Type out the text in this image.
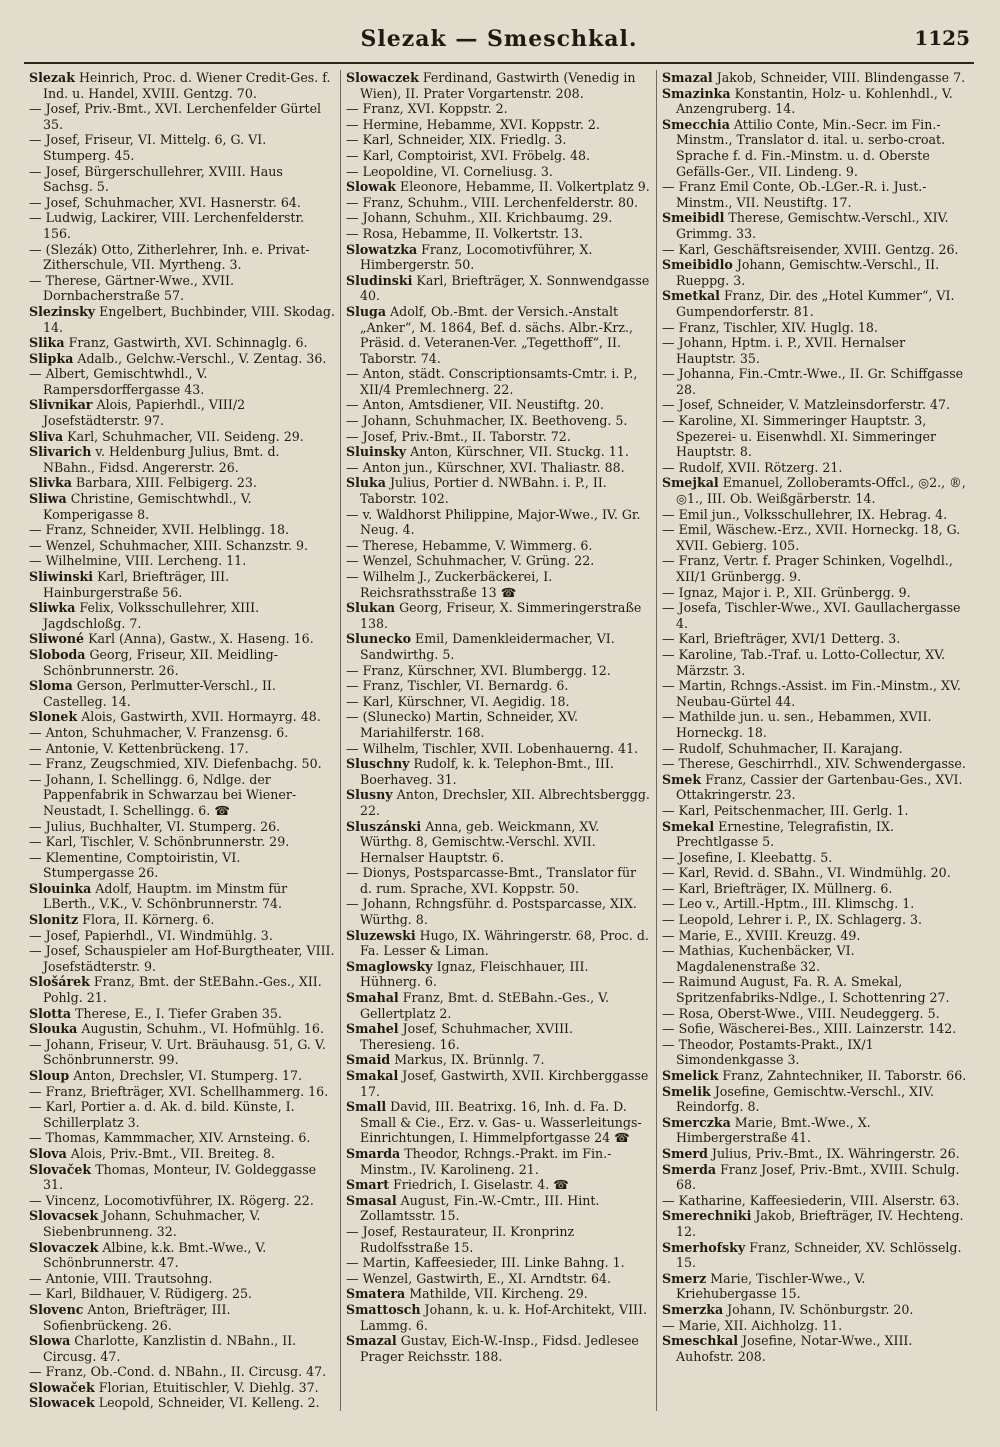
Slezak — Smeschkal.	1125

Slezak Heinrich, Proc. d. Wiener Credit-Ges. f. Ind. u. Handel, XVIII. Gentzg. 70.

— Josef, Priv.-Bmt., XVI. Lerchenfelder Gürtel 35.

— Josef, Friseur, VI. Mittelg. 6, G. VI. Stumperg. 45.

— Josef, Bürgerschullehrer, XVIII. Haus Sachsg. 5.

— Josef, Schuhmacher, XVI. Hasnerstr. 64.

— Ludwig, Lackirer, VIII. Lerchenfelderstr. 156.

— (Slezák) Otto, Zitherlehrer, Inh. e. Privat-Zitherschule, VII. Myrtheng. 3.

— Therese, Gärtner-Wwe., XVII. Dornbacherstraße 57.

Slezinsky Engelbert, Buchbinder, VIII. Skodag. 14.

Slika Franz, Gastwirth, XVI. Schinnaglg. 6.

Slipka Adalb., Gelchw.-Verschl., V. Zentag. 36.

— Albert, Gemischtwhdl., V. Rampersdorffergasse 43.

Slivnikar Alois, Papierhdl., VIII/2 Josefstädterstr. 97.

Sliva Karl, Schuhmacher, VII. Seideng. 29.

Slivarich v. Heldenburg Julius, Bmt. d. NBahn., Fidsd. Angererstr. 26.

Slivka Barbara, XIII. Felbigerg. 23.

Sliwa Christine, Gemischtwhdl., V. Komperigasse 8.

— Franz, Schneider, XVII. Helblingg. 18.

— Wenzel, Schuhmacher, XIII. Schanzstr. 9.

— Wilhelmine, VIII. Lercheng. 11.

Sliwinski Karl, Briefträger, III. Hainburgerstraße 56.

Sliwka Felix, Volksschullehrer, XIII. Jagdschloßg. 7.

Sliwoné Karl (Anna), Gastw., X. Haseng. 16.

Sloboda Georg, Friseur, XII. Meidling-Schönbrunnerstr. 26.

Sloma Gerson, Perlmutter-Verschl., II. Castelleg. 14.

Slonek Alois, Gastwirth, XVII. Hormayrg. 48.

— Anton, Schuhmacher, V. Franzensg. 6.

— Antonie, V. Kettenbrückeng. 17.

— Franz, Zeugschmied, XIV. Diefenbachg. 50.

— Johann, I. Schellingg. 6, Ndlge. der Pappenfabrik in Schwarzau bei Wiener-Neustadt, I. Schellingg. 6. ☎

— Julius, Buchhalter, VI. Stumperg. 26.

— Karl, Tischler, V. Schönbrunnerstr. 29.

— Klementine, Comptoiristin, VI. Stumpergasse 26.

Slouinka Adolf, Hauptm. im Minstm für LBerth., V.K., V. Schönbrunnerstr. 74.

Slonitz Flora, II. Körnerg. 6.

— Josef, Papierhdl., VI. Windmühlg. 3.

— Josef, Schauspieler am Hof-Burgtheater, VIII. Josefstädterstr. 9.

Slošárek Franz, Bmt. der StEBahn.-Ges., XII. Pohlg. 21.

Slotta Therese, E., I. Tiefer Graben 35.

Slouka Augustin, Schuhm., VI. Hofmühlg. 16.

— Johann, Friseur, V. Urt. Bräuhausg. 51, G. V. Schönbrunnerstr. 99.

Sloup Anton, Drechsler, VI. Stumperg. 17.

— Franz, Briefträger, XVI. Schellhammerg. 16.

— Karl, Portier a. d. Ak. d. bild. Künste, I. Schillerplatz 3.

— Thomas, Kammmacher, XIV. Arnsteing. 6.

Slova Alois, Priv.-Bmt., VII. Breiteg. 8.

Slovaček Thomas, Monteur, IV. Goldeggasse 31.

— Vincenz, Locomotivführer, IX. Rögerg. 22.

Slovacsek Johann, Schuhmacher, V. Siebenbrunneng. 32.

Slovaczek Albine, k.k. Bmt.-Wwe., V. Schönbrunnerstr. 47.

— Antonie, VIII. Trautsohng.

— Karl, Bildhauer, V. Rüdigerg. 25.

Slovenc Anton, Briefträger, III. Sofienbrückeng. 26.

Slowa Charlotte, Kanzlistin d. NBahn., II. Circusg. 47.

— Franz, Ob.-Cond. d. NBahn., II. Circusg. 47.

Slowaček Florian, Etuitischler, V. Diehlg. 37.

Slowacek Leopold, Schneider, VI. Kelleng. 2.

Slowaczek Ferdinand, Gastwirth (Venedig in Wien), II. Prater Vorgartenstr. 208.

— Franz, XVI. Koppstr. 2.

— Hermine, Hebamme, XVI. Koppstr. 2.

— Karl, Schneider, XIX. Friedlg. 3.

— Karl, Comptoirist, XVI. Fröbelg. 48.

— Leopoldine, VI. Corneliusg. 3.

Slowak Eleonore, Hebamme, II. Volkertplatz 9.

— Franz, Schuhm., VIII. Lerchenfelderstr. 80.

— Johann, Schuhm., XII. Krichbaumg. 29.

— Rosa, Hebamme, II. Volkertstr. 13.

Slowatzka Franz, Locomotivführer, X. Himbergerstr. 50.

Sludinski Karl, Briefträger, X. Sonnwendgasse 40.

Sluga Adolf, Ob.-Bmt. der Versich.-Anstalt „Anker“, M. 1864, Bef. d. sächs. Albr.-Krz., Präsid. d. Veteranen-Ver. „Tegetthoff“, II. Taborstr. 74.

— Anton, städt. Conscriptionsamts-Cmtr. i. P., XII/4 Premlechnerg. 22.

— Anton, Amtsdiener, VII. Neustiftg. 20.

— Johann, Schuhmacher, IX. Beethoveng. 5.

— Josef, Priv.-Bmt., II. Taborstr. 72.

Sluinsky Anton, Kürschner, VII. Stuckg. 11.

— Anton jun., Kürschner, XVI. Thaliastr. 88.

Sluka Julius, Portier d. NWBahn. i. P., II. Taborstr. 102.

— v. Waldhorst Philippine, Major-Wwe., IV. Gr. Neug. 4.

— Therese, Hebamme, V. Wimmerg. 6.

— Wenzel, Schuhmacher, V. Grüng. 22.

— Wilhelm J., Zuckerbäckerei, I. Reichsrathsstraße 13 ☎

Slukan Georg, Friseur, X. Simmeringerstraße 138.

Slunecko Emil, Damenkleidermacher, VI. Sandwirthg. 5.

— Franz, Kürschner, XVI. Blumbergg. 12.

— Franz, Tischler, VI. Bernardg. 6.

— Karl, Kürschner, VI. Aegidig. 18.

— (Slunecko) Martin, Schneider, XV. Mariahilferstr. 168.

— Wilhelm, Tischler, XVII. Lobenhauerng. 41.

Sluschny Rudolf, k. k. Telephon-Bmt., III. Boerhaveg. 31.

Slusny Anton, Drechsler, XII. Albrechtsberggg. 22.

Sluszánski Anna, geb. Weickmann, XV. Würthg. 8, Gemischtw.-Verschl. XVII. Hernalser Hauptstr. 6.

— Dionys, Postsparcasse-Bmt., Translator für d. rum. Sprache, XVI. Koppstr. 50.

— Johann, Rchngsführ. d. Postsparcasse, XIX. Würthg. 8.

Sluzewski Hugo, IX. Währingerstr. 68, Proc. d. Fa. Lesser & Liman.

Smaglowsky Ignaz, Fleischhauer, III. Hühnerg. 6.

Smahal Franz, Bmt. d. StEBahn.-Ges., V. Gellertplatz 2.

Smahel Josef, Schuhmacher, XVIII. Theresieng. 16.

Smaid Markus, IX. Brünnlg. 7.

Smakal Josef, Gastwirth, XVII. Kirchberggasse 17.

Small David, III. Beatrixg. 16, Inh. d. Fa. D. Small & Cie., Erz. v. Gas- u. Wasserleitungs-Einrichtungen, I. Himmelpfortgasse 24 ☎

Smarda Theodor, Rchngs.-Prakt. im Fin.-Minstm., IV. Karolineng. 21.

Smart Friedrich, I. Giselastr. 4. ☎

Smasal August, Fin.-W.-Cmtr., III. Hint. Zollamtsstr. 15.

— Josef, Restaurateur, II. Kronprinz Rudolfsstraße 15.

— Martin, Kaffeesieder, III. Linke Bahng. 1.

— Wenzel, Gastwirth, E., XI. Arndtstr. 64.

Smatera Mathilde, VII. Kircheng. 29.

Smattosch Johann, k. u. k. Hof-Architekt, VIII. Lammg. 6.

Smazal Gustav, Eich-W.-Insp., Fidsd. Jedlesee Prager Reichsstr. 188.

Smazal Jakob, Schneider, VIII. Blindengasse 7.

Smazinka Konstantin, Holz- u. Kohlenhdl., V. Anzengruberg. 14.

Smecchia Attilio Conte, Min.-Secr. im Fin.-Minstm., Translator d. ital. u. serbo-croat. Sprache f. d. Fin.-Minstm. u. d. Oberste Gefälls-Ger., VII. Lindeng. 9.

— Franz Emil Conte, Ob.-LGer.-R. i. Just.-Minstm., VII. Neustiftg. 17.

Smeibidl Therese, Gemischtw.-Verschl., XIV. Grimmg. 33.

— Karl, Geschäftsreisender, XVIII. Gentzg. 26.

Smeibidlo Johann, Gemischtw.-Verschl., II. Rueppg. 3.

Smetkal Franz, Dir. des „Hotel Kummer“, VI. Gumpendorferstr. 81.

— Franz, Tischler, XIV. Huglg. 18.

— Johann, Hptm. i. P., XVII. Hernalser Hauptstr. 35.

— Johanna, Fin.-Cmtr.-Wwe., II. Gr. Schiffgasse 28.

— Josef, Schneider, V. Matzleinsdorferstr. 47.

— Karoline, XI. Simmeringer Hauptstr. 3, Spezerei- u. Eisenwhdl. XI. Simmeringer Hauptstr. 8.

— Rudolf, XVII. Rötzerg. 21.

Smejkal Emanuel, Zolloberamts-Offcl., ◎2., ®, ◎1., III. Ob. Weißgärberstr. 14.

— Emil jun., Volksschullehrer, IX. Hebrag. 4.

— Emil, Wäschew.-Erz., XVII. Horneckg. 18, G. XVII. Gebierg. 105.

— Franz, Vertr. f. Prager Schinken, Vogelhdl., XII/1 Grünbergg. 9.

— Ignaz, Major i. P., XII. Grünbergg. 9.

— Josefa, Tischler-Wwe., XVI. Gaullachergasse 4.

— Karl, Briefträger, XVI/1 Detterg. 3.

— Karoline, Tab.-Traf. u. Lotto-Collectur, XV. Märzstr. 3.

— Martin, Rchngs.-Assist. im Fin.-Minstm., XV. Neubau-Gürtel 44.

— Mathilde jun. u. sen., Hebammen, XVII. Horneckg. 18.

— Rudolf, Schuhmacher, II. Karajang.

— Therese, Geschirrhdl., XIV. Schwendergasse.

Smek Franz, Cassier der Gartenbau-Ges., XVI. Ottakringerstr. 23.

— Karl, Peitschenmacher, III. Gerlg. 1.

Smekal Ernestine, Telegrafistin, IX. Prechtlgasse 5.

— Josefine, I. Kleebattg. 5.

— Karl, Revid. d. SBahn., VI. Windmühlg. 20.

— Karl, Briefträger, IX. Müllnerg. 6.

— Leo v., Artill.-Hptm., III. Klimschg. 1.

— Leopold, Lehrer i. P., IX. Schlagerg. 3.

— Marie, E., XVIII. Kreuzg. 49.

— Mathias, Kuchenbäcker, VI. Magdalenenstraße 32.

— Raimund August, Fa. R. A. Smekal, Spritzenfabriks-Ndlge., I. Schottenring 27.

— Rosa, Oberst-Wwe., VIII. Neudeggerg. 5.

— Sofie, Wäscherei-Bes., XIII. Lainzerstr. 142.

— Theodor, Postamts-Prakt., IX/1 Simondenkgasse 3.

Smelick Franz, Zahntechniker, II. Taborstr. 66.

Smelik Josefine, Gemischtw.-Verschl., XIV. Reindorfg. 8.

Smerczka Marie, Bmt.-Wwe., X. Himbergerstraße 41.

Smerd Julius, Priv.-Bmt., IX. Währingerstr. 26.

Smerda Franz Josef, Priv.-Bmt., XVIII. Schulg. 68.

— Katharine, Kaffeesiederin, VIII. Alserstr. 63.

Smerechniki Jakob, Briefträger, IV. Hechteng. 12.

Smerhofsky Franz, Schneider, XV. Schlösselg. 15.

Smerz Marie, Tischler-Wwe., V. Kriehubergasse 15.

Smerzka Johann, IV. Schönburgstr. 20.

— Marie, XII. Aichholzg. 11.

Smeschkal Josefine, Notar-Wwe., XIII. Auhofstr. 208.
